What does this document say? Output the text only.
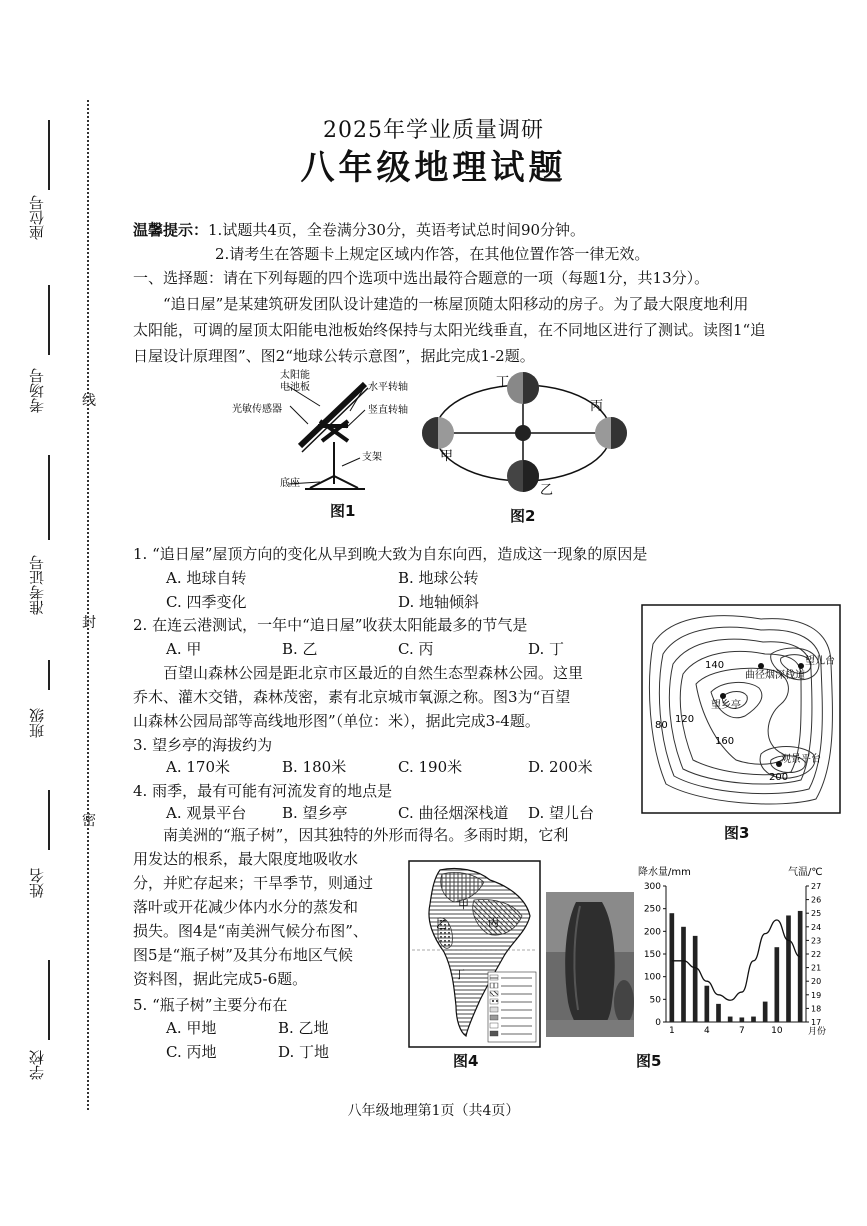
座位号
考场号
准考证号
班级
姓名
学校
线
封
密
2025年学业质量调研
八年级地理试题
温馨提示：1.试题共4页，全卷满分30分，英语考试总时间90分钟。
2.请考生在答题卡上规定区域内作答，在其他位置作答一律无效。
一、选择题：请在下列每题的四个选项中选出最符合题意的一项（每题1分，共13分）。
“追日屋”是某建筑研发团队设计建造的一栋屋顶随太阳移动的房子。为了最大限度地利用
太阳能，可调的屋顶太阳能电池板始终保持与太阳光线垂直，在不同地区进行了测试。读图1“追
日屋设计原理图”、图2“地球公转示意图”，据此完成1-2题。
太阳能
电池板
光敏传感器
水平转轴
竖直转轴
底座
支架
图1
丁
丙
甲
乙
图2
1. “追日屋”屋顶方向的变化从早到晚大致为自东向西，造成这一现象的原因是
A. 地球自转	B. 地球公转
C. 四季变化	D. 地轴倾斜
2. 在连云港测试，一年中“追日屋”收获太阳能最多的节气是
A. 甲	B. 乙	C. 丙	D. 丁
百望山森林公园是距北京市区最近的自然生态型森林公园。这里
乔木、灌木交错，森林茂密，素有北京城市氧源之称。图3为“百望
山森林公园局部等高线地形图”（单位：米），据此完成3-4题。
3. 望乡亭的海拔约为
A. 170米	B. 180米	C. 190米	D. 200米
4. 雨季，最有可能有河流发育的地点是
A. 观景平台 B. 望乡亭	C. 曲径烟深栈道 D. 望儿台
望儿台
曲径烟深栈道
望乡亭
观景平台
80
120
140
160
200
图3
南美洲的“瓶子树”，因其独特的外形而得名。多雨时期，它利
用发达的根系，最大限度地吸收水
分，并贮存起来；干旱季节，则通过
落叶或开花减少体内水分的蒸发和
损失。图4是“南美洲气候分布图”、
图5是“瓶子树”及其分布地区气候
资料图，据此完成5-6题。
5. “瓶子树”主要分布在
A. 甲地	B. 乙地
C. 丙地	D. 丁地
甲
乙	丙
丁
图4
降水量/mm	气温/℃
月份
0
50
100
150
200
250
300
17
18
19
20
21
22
23
24
25
26
27
1	4	7	10
图5
八年级地理第1页（共4页）
